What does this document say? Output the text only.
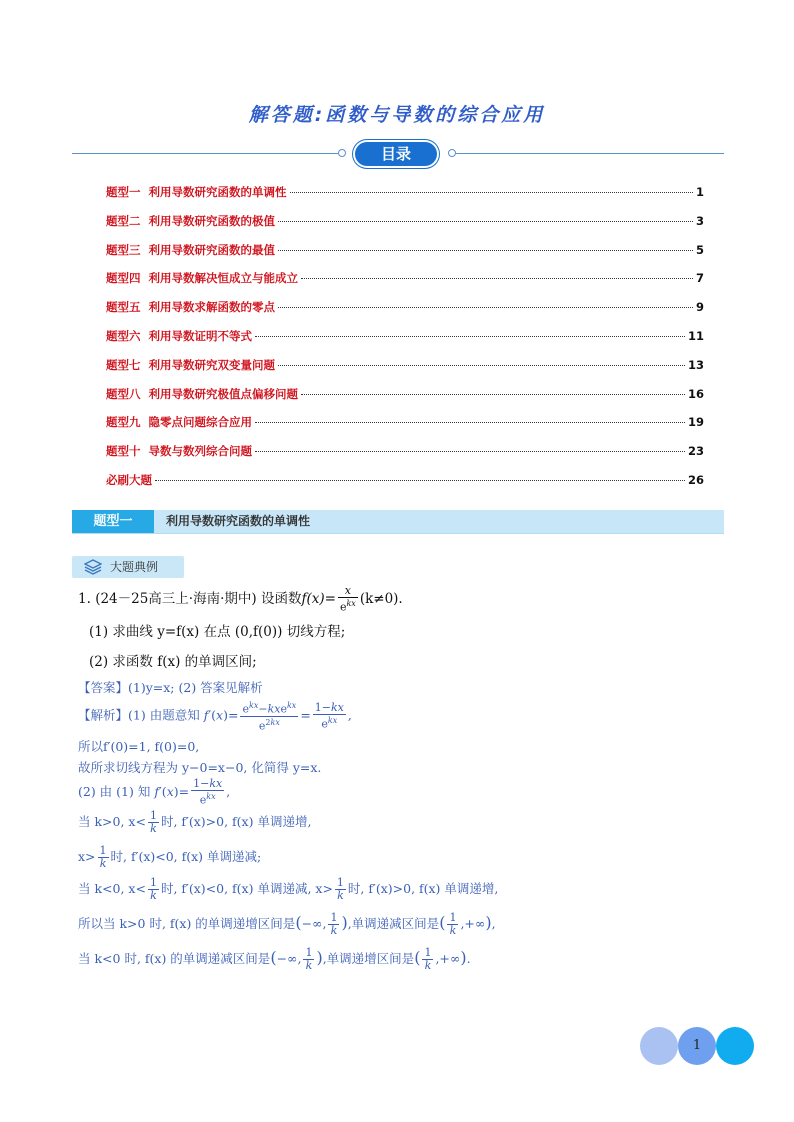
解答题:函数与导数的综合应用
目录
题型一 利用导数研究函数的单调性	1
题型二 利用导数研究函数的极值	3
题型三 利用导数研究函数的最值	5
题型四 利用导数解决恒成立与能成立	7
题型五 利用导数求解函数的零点	9
题型六 利用导数证明不等式	11
题型七 利用导数研究双变量问题	13
题型八 利用导数研究极值点偏移问题	16
题型九 隐零点问题综合应用	19
题型十 导数与数列综合问题	23
必刷大题	26
题型一	利用导数研究函数的单调性
大题典例
1. (24－25高三上·海南·期中) 设函数$f(x)= \frac{x}{e^{kx}} (k\ne 0)$.
(1) 求曲线 y=f(x) 在点 (0,f(0)) 切线方程;
(2) 求函数 f(x) 的单调区间;
【答案】(1)y=x; (2) 答案见解析
【解析】(1) 由题意知 $f'(x)= \frac{e^{kx}-kxe^{kx}}{e^{2kx}} = \frac{1-kx}{e^{kx}}$ ,
所以f′(0)=1, f(0)=0,
故所求切线方程为 y−0=x−0, 化简得 y=x.
(2) 由 (1) 知 $f'(x)= \frac{1-kx}{e^{kx}}$ ,
当 k>0, $x< \frac{1}{k}$ 时, f′(x)>0, f(x) 单调递增,
$x> \frac{1}{k}$ 时, f′(x)<0, f(x) 单调递减;
当 k<0, $x< \frac{1}{k}$ 时, f′(x)<0, f(x) 单调递减, $x> \frac{1}{k}$ 时, f′(x)>0, f(x) 单调递增,
所以当 k>0 时, f(x) 的单调递增区间是(−∞, $\frac{1}{k}$ ),单调递减区间是( $\frac{1}{k}$ ,+∞),
当 k<0 时, f(x) 的单调递减区间是(−∞, $\frac{1}{k}$ ),单调递增区间是( $\frac{1}{k}$ ,+∞).
1
